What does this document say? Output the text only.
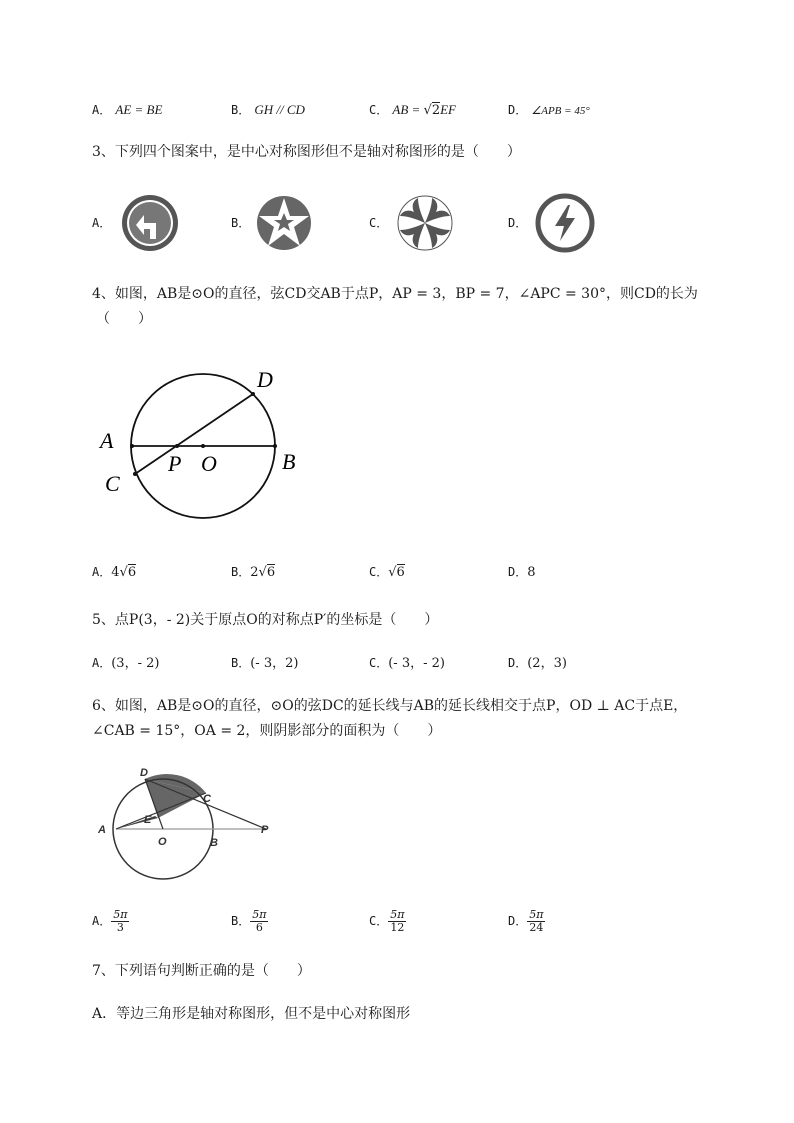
A． AE = BE	B． GH // CD	C． AB = √2EF	D． ∠APB = 45°
3、下列四个图案中，是中心对称图形但不是轴对称图形的是（　　）
A．	B．	C．	D．
4、如图，AB是⊙O的直径，弦CD交AB于点P，AP = 3，BP = 7，∠APC = 30°，则CD的长为
（　　）
A
B
C
D
P O
A．4√6	B．2√6	C．√6	D．8
5、点P(3，- 2)关于原点O的对称点P′的坐标是（　　）
A．(3，- 2)	B．(- 3，2)	C．(- 3，- 2)	D．(2，3)
6、如图，AB是⊙O的直径，⊙O的弦DC的延长线与AB的延长线相交于点P，OD ⊥ AC于点E，
∠CAB = 15°，OA = 2，则阴影部分的面积为（　　）
A
B
C
D
E
O
P
A． $\frac{5\pi}{3}$	B． $\frac{5\pi}{6}$	C． $\frac{5\pi}{12}$	D． $\frac{5\pi}{24}$
7、下列语句判断正确的是（　　）
A．等边三角形是轴对称图形，但不是中心对称图形
